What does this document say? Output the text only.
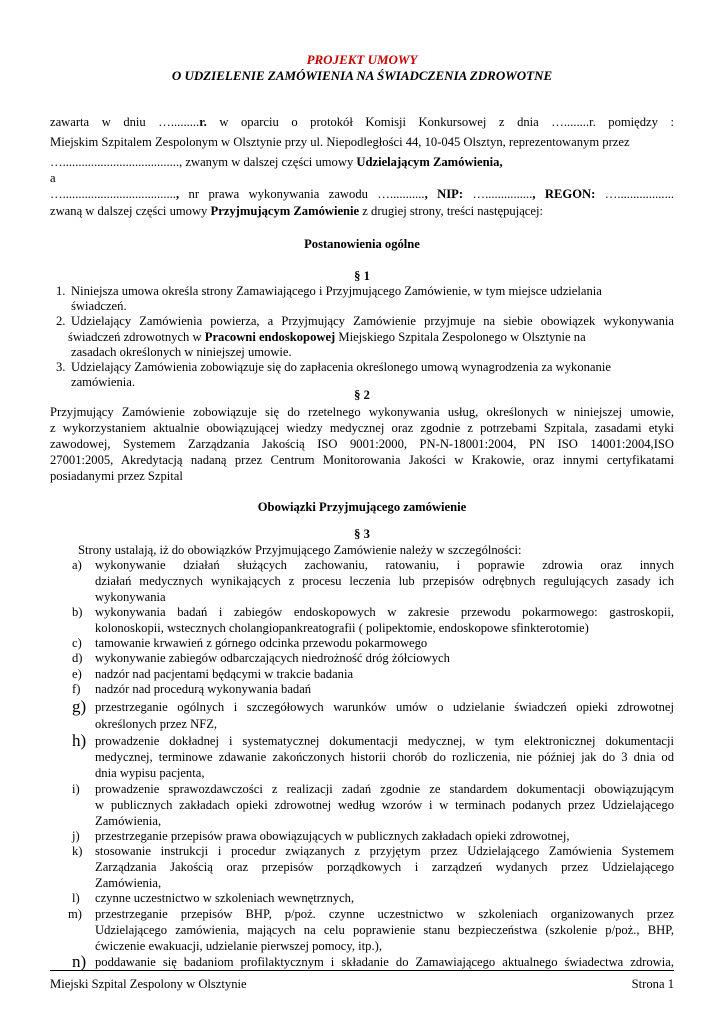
PROJEKT UMOWY
O UDZIELENIE ZAMÓWIENIA NA ŚWIADCZENIA ZDROWOTNE
zawarta w dniu ….........r. w oparciu o protokół Komisji Konkursowej z dnia …........r. pomiędzy :
Miejskim Szpitalem Zespolonym w Olsztynie przy ul. Niepodległości 44, 10-045 Olsztyn, reprezentowanym przez
…....................................., zwanym w dalszej części umowy Udzielającym Zamówienia,
a
…...................................., nr prawa wykonywania zawodu …..........., NIP: …..............., REGON: …..................
zwaną w dalszej części umowy Przyjmującym Zamówienie z drugiej strony, treści następującej:
Postanowienia ogólne
§ 1
1. Niniejsza umowa określa strony Zamawiającego i Przyjmującego Zamówienie, w tym miejsce udzielania
świadczeń.
2. Udzielający Zamówienia powierza, a Przyjmujący Zamówienie przyjmuje na siebie obowiązek wykonywania
świadczeń zdrowotnych w Pracowni endoskopowej Miejskiego Szpitala Zespolonego w Olsztynie na
zasadach określonych w niniejszej umowie.
3. Udzielający Zamówienia zobowiązuje się do zapłacenia określonego umową wynagrodzenia za wykonanie
zamówienia.
§ 2
Przyjmujący Zamówienie zobowiązuje się do rzetelnego wykonywania usług, określonych w niniejszej umowie,
z wykorzystaniem aktualnie obowiązującej wiedzy medycznej oraz zgodnie z potrzebami Szpitala, zasadami etyki
zawodowej, Systemem Zarządzania Jakością ISO 9001:2000, PN-N-18001:2004, PN ISO 14001:2004,ISO
27001:2005, Akredytacją nadaną przez Centrum Monitorowania Jakości w Krakowie, oraz innymi certyfikatami
posiadanymi przez Szpital
Obowiązki Przyjmującego zamówienie
§ 3
Strony ustalają, iż do obowiązków Przyjmującego Zamówienie należy w szczególności:
a) wykonywanie działań służących zachowaniu, ratowaniu, i poprawie zdrowia oraz innych
działań medycznych wynikających z procesu leczenia lub przepisów odrębnych regulujących zasady ich
wykonywania
b) wykonywania badań i zabiegów endoskopowych w zakresie przewodu pokarmowego: gastroskopii,
kolonoskopii, wstecznych cholangiopankreatografii ( polipektomie, endoskopowe sfinkterotomie)
c) tamowanie krwawień z górnego odcinka przewodu pokarmowego
d) wykonywanie zabiegów odbarczających niedrożność dróg żółciowych
e) nadzór nad pacjentami będącymi w trakcie badania
f) nadzór nad procedurą wykonywania badań
g) przestrzeganie ogólnych i szczegółowych warunków umów o udzielanie świadczeń opieki zdrowotnej
określonych przez NFZ,
h) prowadzenie dokładnej i systematycznej dokumentacji medycznej, w tym elektronicznej dokumentacji
medycznej, terminowe zdawanie zakończonych historii chorób do rozliczenia, nie później jak do 3 dnia od
dnia wypisu pacjenta,
i) prowadzenie sprawozdawczości z realizacji zadań zgodnie ze standardem dokumentacji obowiązującym
w publicznych zakładach opieki zdrowotnej według wzorów i w terminach podanych przez Udzielającego
Zamówienia,
j) przestrzeganie przepisów prawa obowiązujących w publicznych zakładach opieki zdrowotnej,
k) stosowanie instrukcji i procedur związanych z przyjętym przez Udzielającego Zamówienia Systemem
Zarządzania Jakością oraz przepisów porządkowych i zarządzeń wydanych przez Udzielającego
Zamówienia,
l) czynne uczestnictwo w szkoleniach wewnętrznych,
m) przestrzeganie przepisów BHP, p/poż. czynne uczestnictwo w szkoleniach organizowanych przez
Udzielającego zamówienia, mających na celu poprawienie stanu bezpieczeństwa (szkolenie p/poż., BHP,
ćwiczenie ewakuacji, udzielanie pierwszej pomocy, itp.),
n) poddawanie się badaniom profilaktycznym i składanie do Zamawiającego aktualnego świadectwa zdrowia,
Miejski Szpital Zespolony w Olsztynie	Strona 1
